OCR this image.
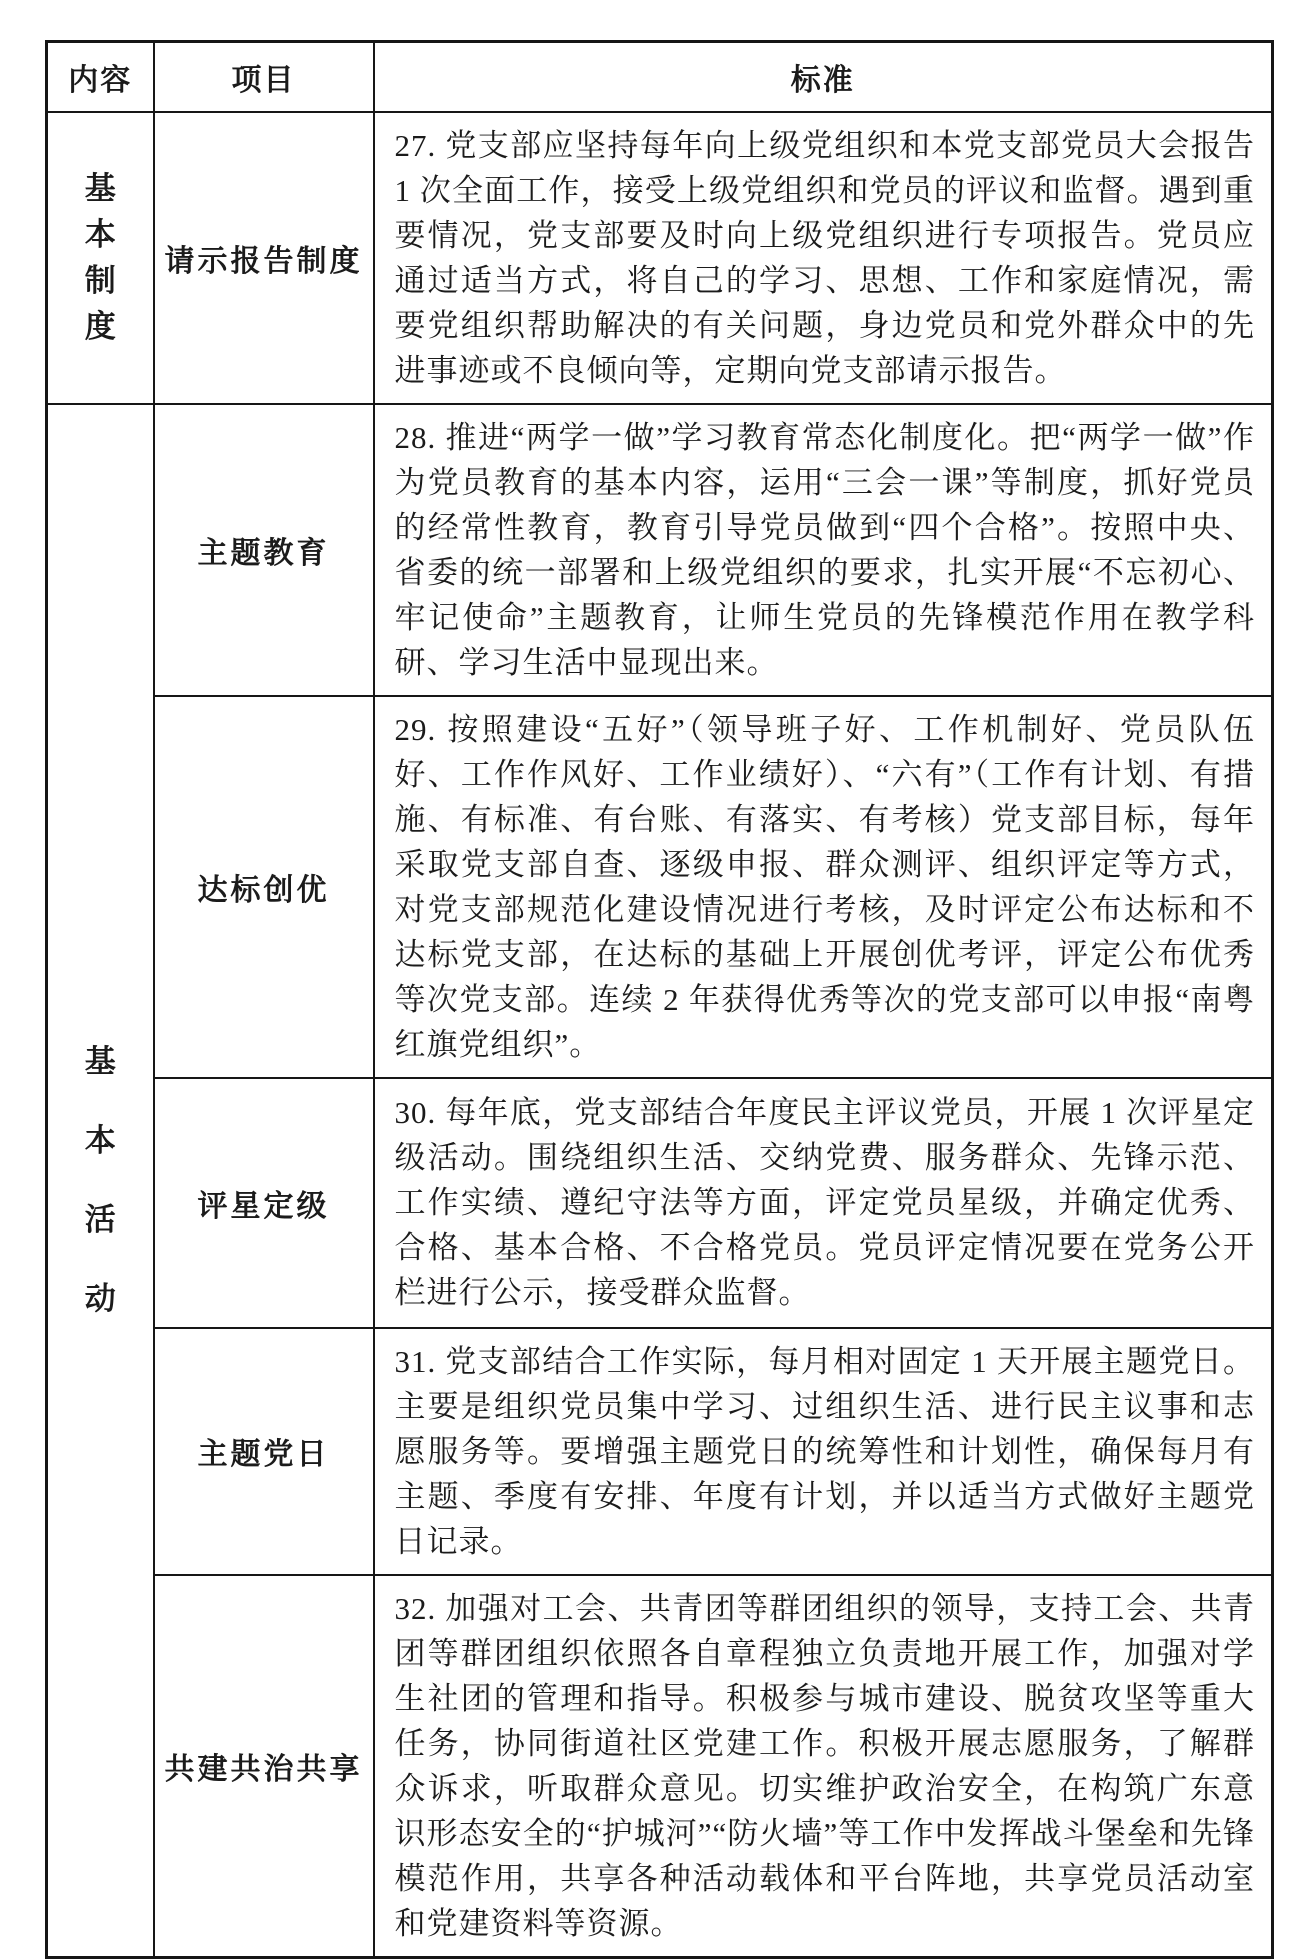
内容	项目	标准

基本制度	请示报告制度	27. 党支部应坚持每年向上级党组织和本党支部党员大会报告 1 次全面工作，接受上级党组织和党员的评议和监督。遇到重要情况，党支部要及时向上级党组织进行专项报告。党员应通过适当方式，将自己的学习、思想、工作和家庭情况，需要党组织帮助解决的有关问题，身边党员和党外群众中的先进事迹或不良倾向等，定期向党支部请示报告。

基本活动	主题教育	28. 推进“两学一做”学习教育常态化制度化。把“两学一做”作为党员教育的基本内容，运用“三会一课”等制度，抓好党员的经常性教育，教育引导党员做到“四个合格”。按照中央、省委的统一部署和上级党组织的要求，扎实开展“不忘初心、牢记使命”主题教育，让师生党员的先锋模范作用在教学科研、学习生活中显现出来。
	达标创优	29. 按照建设“五好”（领导班子好、工作机制好、党员队伍好、工作作风好、工作业绩好）、“六有”（工作有计划、有措施、有标准、有台账、有落实、有考核）党支部目标，每年采取党支部自查、逐级申报、群众测评、组织评定等方式，对党支部规范化建设情况进行考核，及时评定公布达标和不达标党支部，在达标的基础上开展创优考评，评定公布优秀等次党支部。连续 2 年获得优秀等次的党支部可以申报“南粤红旗党组织”。
	评星定级	30. 每年底，党支部结合年度民主评议党员，开展 1 次评星定级活动。围绕组织生活、交纳党费、服务群众、先锋示范、工作实绩、遵纪守法等方面，评定党员星级，并确定优秀、合格、基本合格、不合格党员。党员评定情况要在党务公开栏进行公示，接受群众监督。
	主题党日	31. 党支部结合工作实际，每月相对固定 1 天开展主题党日。主要是组织党员集中学习、过组织生活、进行民主议事和志愿服务等。要增强主题党日的统筹性和计划性，确保每月有主题、季度有安排、年度有计划，并以适当方式做好主题党日记录。
	共建共治共享	32. 加强对工会、共青团等群团组织的领导，支持工会、共青团等群团组织依照各自章程独立负责地开展工作，加强对学生社团的管理和指导。积极参与城市建设、脱贫攻坚等重大任务，协同街道社区党建工作。积极开展志愿服务，了解群众诉求，听取群众意见。切实维护政治安全，在构筑广东意识形态安全的“护城河”“防火墙”等工作中发挥战斗堡垒和先锋模范作用，共享各种活动载体和平台阵地，共享党员活动室和党建资料等资源。
